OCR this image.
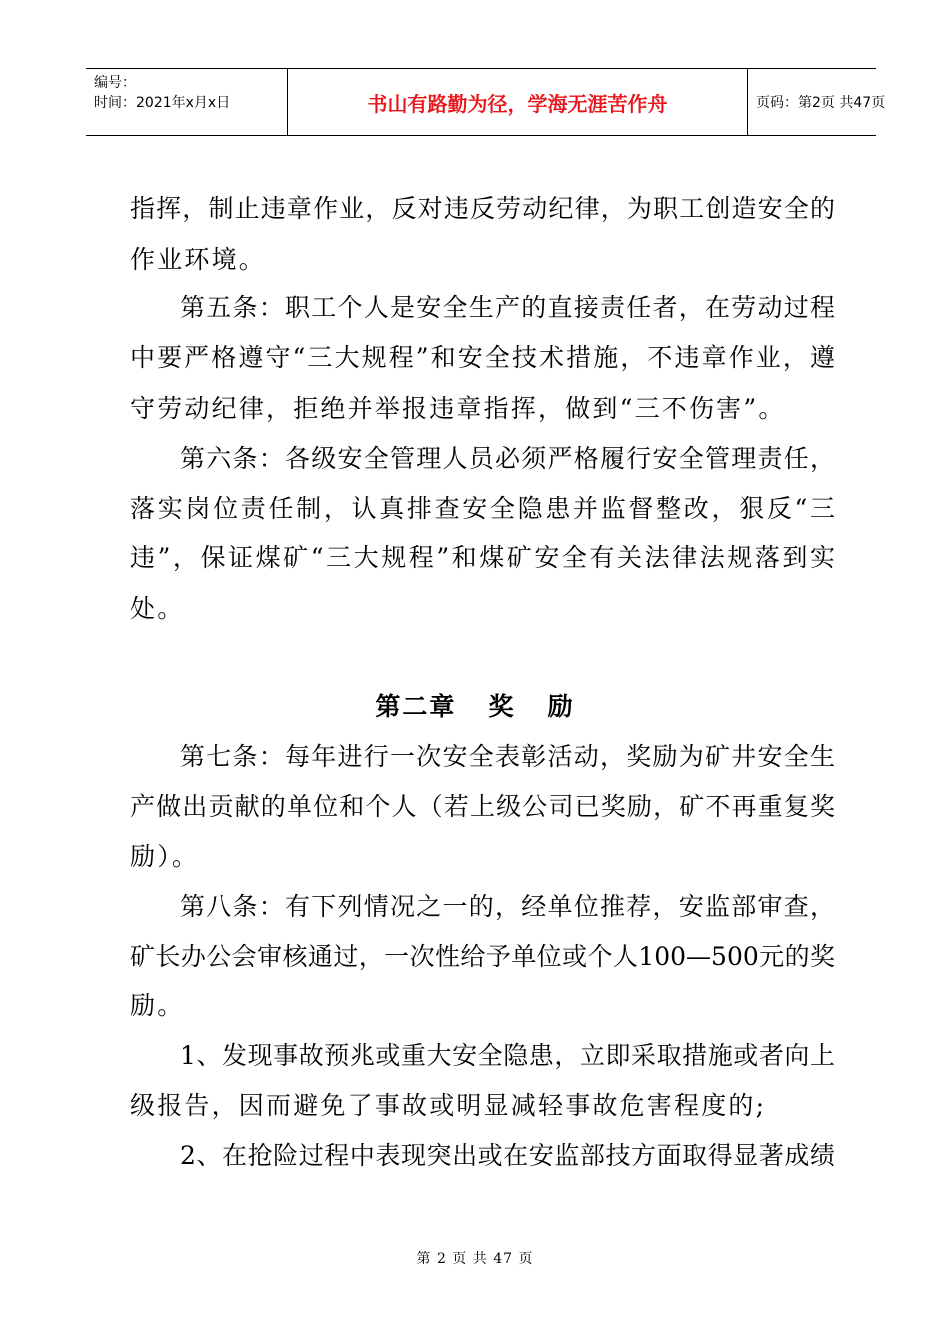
编号：
时间：2021年x月x日	书山有路勤为径，学海无涯苦作舟	页码：第2页 共47页
指挥，制止违章作业，反对违反劳动纪律，为职工创造安全的
作业环境。
第五条：职工个人是安全生产的直接责任者，在劳动过程
中要严格遵守“三大规程”和安全技术措施，不违章作业，遵
守劳动纪律，拒绝并举报违章指挥，做到“三不伤害”。
第六条：各级安全管理人员必须严格履行安全管理责任，
落实岗位责任制，认真排查安全隐患并监督整改，狠反“三
违”，保证煤矿“三大规程”和煤矿安全有关法律法规落到实
处。
第二章   奖   励
第七条：每年进行一次安全表彰活动，奖励为矿井安全生
产做出贡献的单位和个人（若上级公司已奖励，矿不再重复奖
励）。
第八条：有下列情况之一的，经单位推荐，安监部审查，
矿长办公会审核通过，一次性给予单位或个人100—500元的奖
励。
1、发现事故预兆或重大安全隐患，立即采取措施或者向上
级报告，因而避免了事故或明显减轻事故危害程度的;
2、在抢险过程中表现突出或在安监部技方面取得显著成绩
第 2 页 共 47 页
